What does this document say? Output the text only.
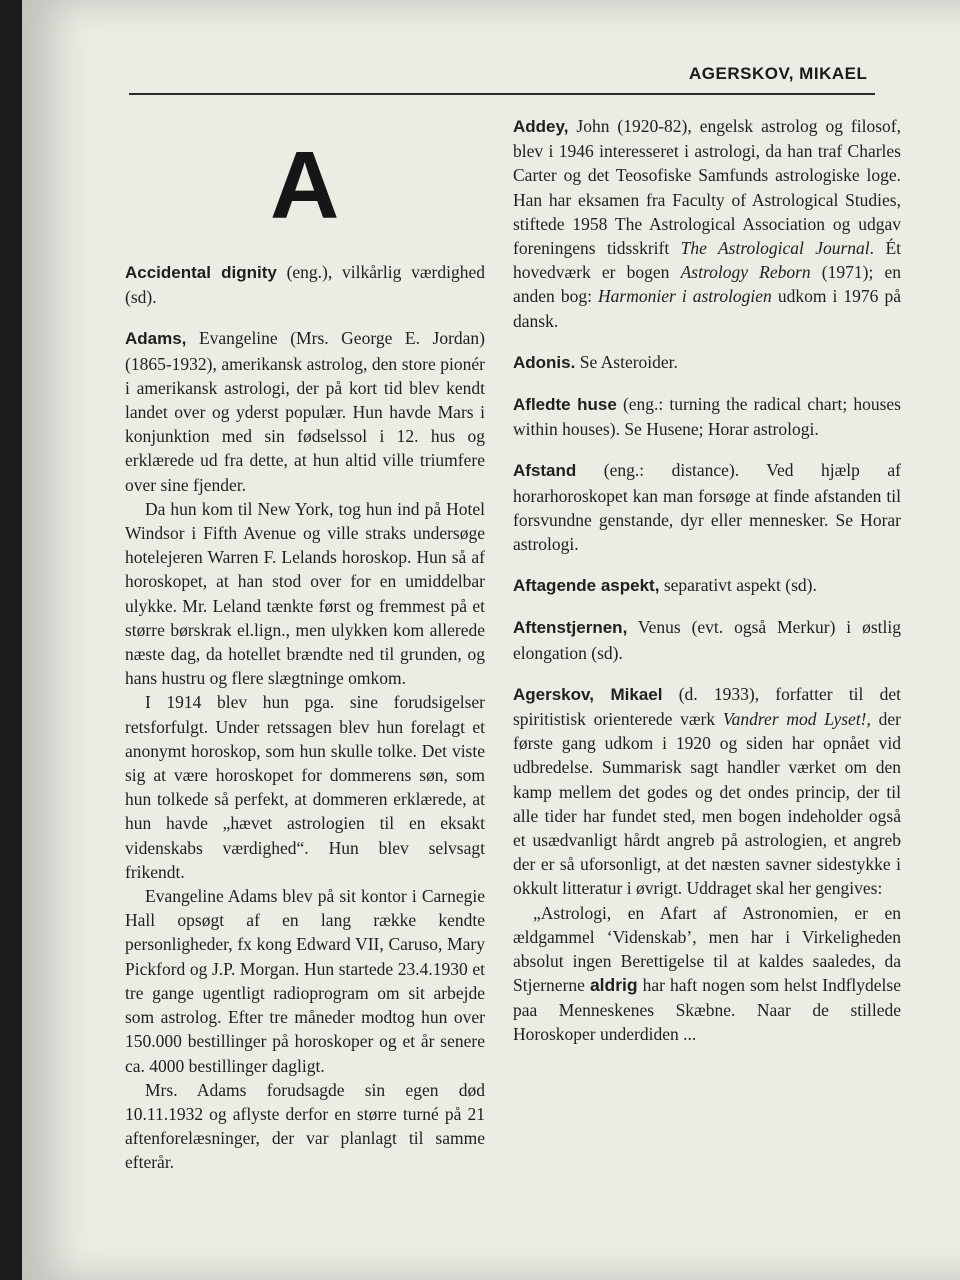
AGERSKOV, MIKAEL
A

Accidental dignity (eng.), vilkårlig værdighed (sd).

Adams, Evangeline (Mrs. George E. Jordan) (1865-1932), amerikansk astrolog, den store pionér i amerikansk astrologi, der på kort tid blev kendt landet over og yderst populær. Hun havde Mars i konjunktion med sin fødselssol i 12. hus og erklærede ud fra dette, at hun altid ville triumfere over sine fjender.

Da hun kom til New York, tog hun ind på Hotel Windsor i Fifth Avenue og ville straks undersøge hotelejeren Warren F. Lelands horoskop. Hun så af horoskopet, at han stod over for en umiddelbar ulykke. Mr. Leland tænkte først og fremmest på et større børskrak el.lign., men ulykken kom allerede næste dag, da hotellet brændte ned til grunden, og hans hustru og flere slægtninge omkom.

I 1914 blev hun pga. sine forudsigelser retsforfulgt. Under retssagen blev hun forelagt et anonymt horoskop, som hun skulle tolke. Det viste sig at være horoskopet for dommerens søn, som hun tolkede så perfekt, at dommeren erklærede, at hun havde „hævet astrologien til en eksakt videnskabs værdighed“. Hun blev selvsagt frikendt.

Evangeline Adams blev på sit kontor i Carnegie Hall opsøgt af en lang række kendte personligheder, fx kong Edward VII, Caruso, Mary Pickford og J.P. Morgan. Hun startede 23.4.1930 et tre gange ugentligt radioprogram om sit arbejde som astrolog. Efter tre måneder modtog hun over 150.000 bestillinger på horoskoper og et år senere ca. 4000 bestillinger dagligt.

Mrs. Adams forudsagde sin egen død 10.11.1932 og aflyste derfor en større turné på 21 aftenforelæsninger, der var planlagt til samme efterår.

Addey, John (1920-82), engelsk astrolog og filosof, blev i 1946 interesseret i astrologi, da han traf Charles Carter og det Teosofiske Samfunds astrologiske loge. Han har eksamen fra Faculty of Astrological Studies, stiftede 1958 The Astrological Association og udgav foreningens tidsskrift The Astrological Journal. Ét hovedværk er bogen Astrology Reborn (1971); en anden bog: Harmonier i astrologien udkom i 1976 på dansk.

Adonis. Se Asteroider.

Afledte huse (eng.: turning the radical chart; houses within houses). Se Husene; Horar astrologi.

Afstand (eng.: distance). Ved hjælp af horarhoroskopet kan man forsøge at finde afstanden til forsvundne genstande, dyr eller mennesker. Se Horar astrologi.

Aftagende aspekt, separativt aspekt (sd).

Aftenstjernen, Venus (evt. også Merkur) i østlig elongation (sd).

Agerskov, Mikael (d. 1933), forfatter til det spiritistisk orienterede værk Vandrer mod Lyset!, der første gang udkom i 1920 og siden har opnået vid udbredelse. Summarisk sagt handler værket om den kamp mellem det godes og det ondes princip, der til alle tider har fundet sted, men bogen indeholder også et usædvanligt hårdt angreb på astrologien, et angreb der er så uforsonligt, at det næsten savner sidestykke i okkult litteratur i øvrigt. Uddraget skal her gengives:

„Astrologi, en Afart af Astronomien, er en ældgammel ‘Videnskab’, men har i Virkeligheden absolut ingen Berettigelse til at kaldes saaledes, da Stjernerne aldrig har haft nogen som helst Indflydelse paa Menneskenes Skæbne. Naar de stillede Horoskoper underdiden ...
